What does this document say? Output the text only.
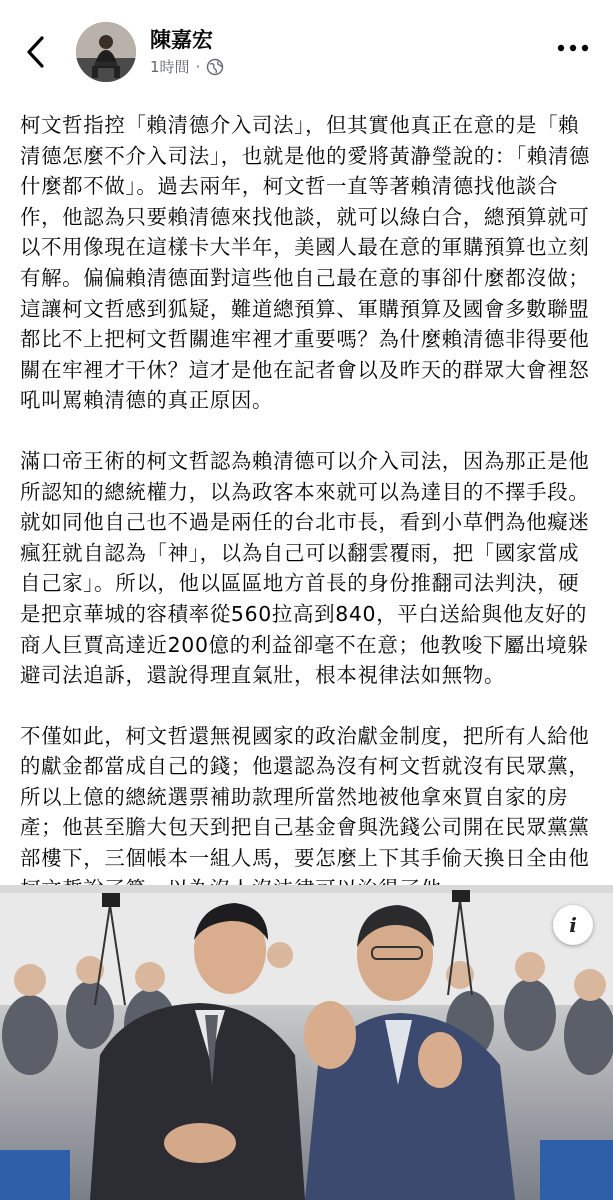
陳嘉宏
1時間 ·

柯文哲指控「賴清德介入司法」，但其實他真正在意的是「賴清德怎麼不介入司法」，也就是他的愛將黃瀞瑩說的：「賴清德什麼都不做」。過去兩年，柯文哲一直等著賴清德找他談合作，他認為只要賴清德來找他談，就可以綠白合，總預算就可以不用像現在這樣卡大半年，美國人最在意的軍購預算也立刻有解。偏偏賴清德面對這些他自己最在意的事卻什麼都沒做；這讓柯文哲感到狐疑，難道總預算、軍購預算及國會多數聯盟都比不上把柯文哲關進牢裡才重要嗎？為什麼賴清德非得要他關在牢裡才干休？這才是他在記者會以及昨天的群眾大會裡怒吼叫罵賴清德的真正原因。

滿口帝王術的柯文哲認為賴清德可以介入司法，因為那正是他所認知的總統權力，以為政客本來就可以為達目的不擇手段。就如同他自己也不過是兩任的台北市長，看到小草們為他癡迷瘋狂就自認為「神」，以為自己可以翻雲覆雨，把「國家當成自己家」。所以，他以區區地方首長的身份推翻司法判決，硬是把京華城的容積率從560拉高到840，平白送給與他友好的商人巨賈高達近200億的利益卻毫不在意；他教唆下屬出境躲避司法追訴，還說得理直氣壯，根本視律法如無物。

不僅如此，柯文哲還無視國家的政治獻金制度，把所有人給他的獻金都當成自己的錢；他還認為沒有柯文哲就沒有民眾黨，所以上億的總統選票補助款理所當然地被他拿來買自家的房產；他甚至膽大包天到把自己基金會與洗錢公司開在民眾黨黨部樓下，三個帳本一組人馬，要怎麼上下其手偷天換日全由他

i
